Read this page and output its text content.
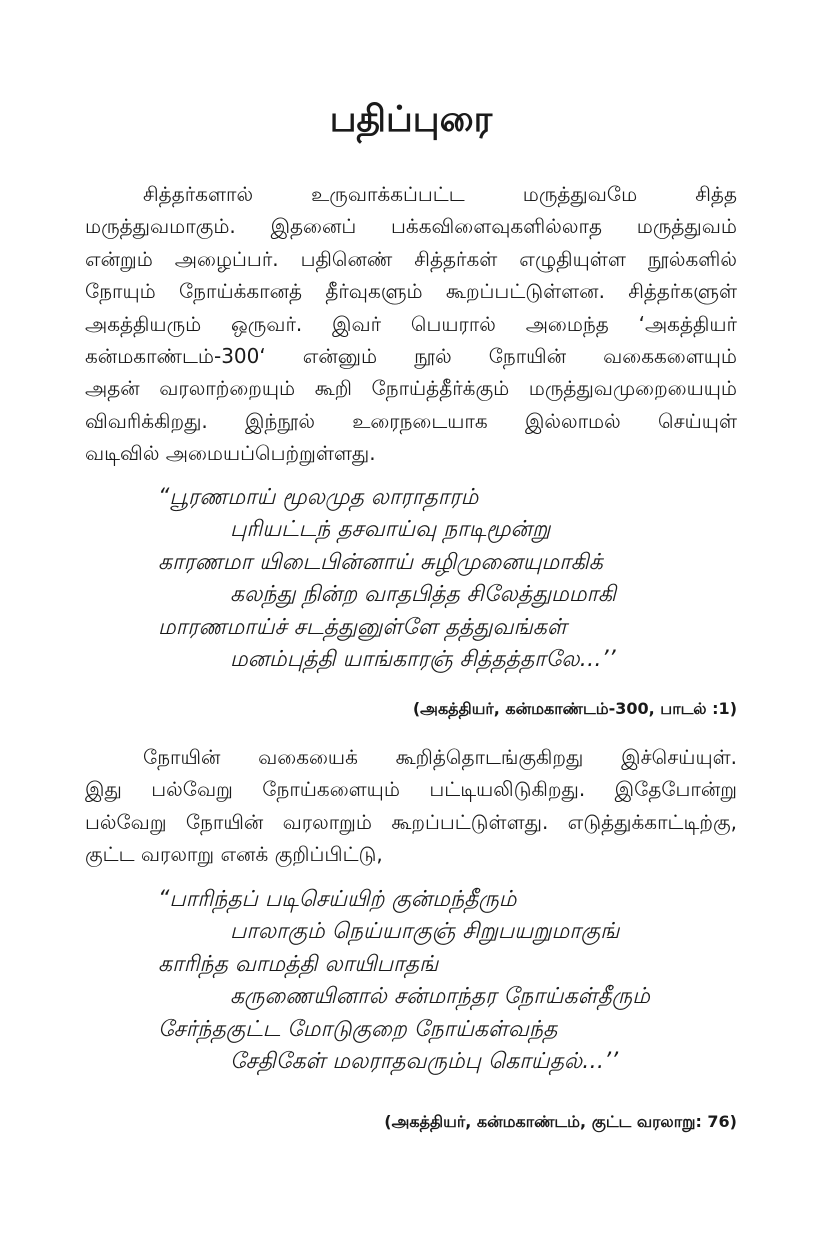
பதிப்புரை
சித்தர்களால் உருவாக்கப்பட்ட மருத்துவமே சித்த
மருத்துவமாகும். இதனைப் பக்கவிளைவுகளில்லாத மருத்துவம்
என்றும் அழைப்பர். பதினெண் சித்தர்கள் எழுதியுள்ள நூல்களில்
நோயும் நோய்க்கானத் தீர்வுகளும் கூறப்பட்டுள்ளன. சித்தர்களுள்
அகத்தியரும் ஒருவர். இவர் பெயரால் அமைந்த ‘அகத்தியர்
கன்மகாண்டம்-300‘ என்னும் நூல் நோயின் வகைகளையும்
அதன் வரலாற்றையும் கூறி நோய்த்தீர்க்கும் மருத்துவமுறையையும்
விவரிக்கிறது. இந்நூல் உரைநடையாக இல்லாமல் செய்யுள்
வடிவில் அமையப்பெற்றுள்ளது.
“பூரணமாய் மூலமுத லாராதாரம்
புரியட்டந் தசவாய்வு நாடிமூன்று
காரணமா யிடைபின்னாய் சுழிமுனையுமாகிக்
கலந்து நின்ற வாதபித்த சிலேத்துமமாகி
மாரணமாய்ச் சடத்துனுள்ளே தத்துவங்கள்
மனம்புத்தி யாங்காரஞ் சித்தத்தாலே…’’
(அகத்தியர், கன்மகாண்டம்-300, பாடல் :1)
நோயின் வகையைக் கூறித்தொடங்குகிறது இச்செய்யுள்.
இது பல்வேறு நோய்களையும் பட்டியலிடுகிறது. இதேபோன்று
பல்வேறு நோயின் வரலாறும் கூறப்பட்டுள்ளது. எடுத்துக்காட்டிற்கு,
குட்ட வரலாறு எனக் குறிப்பிட்டு,
“பாரிந்தப் படிசெய்யிற் குன்மந்தீரும்
பாலாகும் நெய்யாகுஞ் சிறுபயறுமாகுங்
காரிந்த வாமத்தி லாயிபாதங்
கருணையினால் சன்மாந்தர நோய்கள்தீரும்
சேர்ந்தகுட்ட மோடுகுறை நோய்கள்வந்த
சேதிகேள் மலராதவரும்பு கொய்தல்…’’
(அகத்தியர், கன்மகாண்டம், குட்ட வரலாறு: 76)
